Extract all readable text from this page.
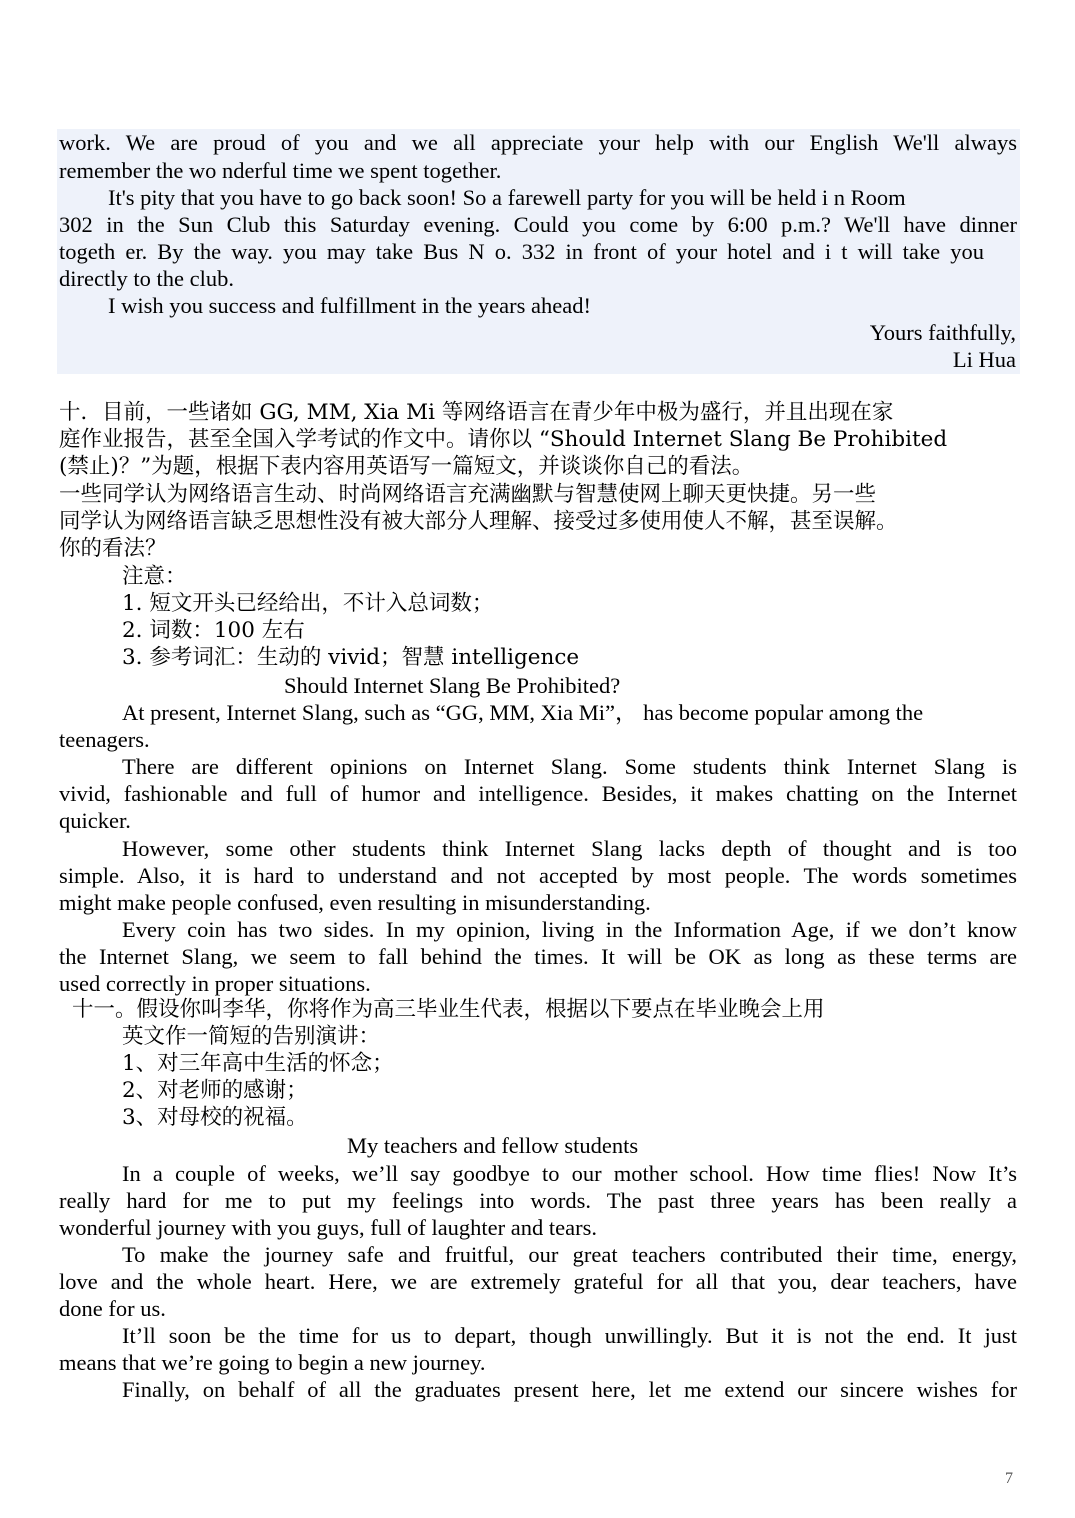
work. We are proud of you and we all appreciate your help with our English We'll always
remember the wo nderful time we spent together.
It's pity that you have to go back soon! So a farewell party for you will be held i n Room
302 in the Sun Club this Saturday evening. Could you come by 6:00 p.m.? We'll have dinner
togeth er. By the way. you may take Bus N o. 332 in front of your hotel and i t will take you
directly to the club.
I wish you success and fulfillment in the years ahead!
Yours faithfully,
Li Hua
十．目前，一些诸如 GG, MM, Xia Mi 等网络语言在青少年中极为盛行，并且出现在家
庭作业报告，甚至全国入学考试的作文中。请你以 “Should Internet Slang Be Prohibited
(禁止)？”为题，根据下表内容用英语写一篇短文，并谈谈你自己的看法。
一些同学认为网络语言生动、时尚网络语言充满幽默与智慧使网上聊天更快捷。另一些
同学认为网络语言缺乏思想性没有被大部分人理解、接受过多使用使人不解，甚至误解。
你的看法？
注意：
1. 短文开头已经给出，不计入总词数；
2. 词数：100 左右
3. 参考词汇：生动的 vivid；智慧 intelligence
Should Internet Slang Be Prohibited?
At present, Internet Slang, such as “GG, MM, Xia Mi”， has become popular among the
teenagers.
There are different opinions on Internet Slang. Some students think Internet Slang is
vivid, fashionable and full of humor and intelligence. Besides, it makes chatting on the Internet
quicker.
However, some other students think Internet Slang lacks depth of thought and is too
simple. Also, it is hard to understand and not accepted by most people. The words sometimes
might make people confused, even resulting in misunderstanding.
Every coin has two sides. In my opinion, living in the Information Age, if we don’t know
the Internet Slang, we seem to fall behind the times. It will be OK as long as these terms are
used correctly in proper situations.
十一。假设你叫李华，你将作为高三毕业生代表，根据以下要点在毕业晚会上用
英文作一简短的告别演讲：
1、对三年高中生活的怀念；
2、对老师的感谢；
3、对母校的祝福。
My teachers and fellow students
In a couple of weeks, we’ll say goodbye to our mother school. How time flies! Now It’s
really hard for me to put my feelings into words. The past three years has been really a
wonderful journey with you guys, full of laughter and tears.
To make the journey safe and fruitful, our great teachers contributed their time, energy,
love and the whole heart. Here, we are extremely grateful for all that you, dear teachers, have
done for us.
It’ll soon be the time for us to depart, though unwillingly. But it is not the end. It just
means that we’re going to begin a new journey.
Finally, on behalf of all the graduates present here, let me extend our sincere wishes for
7
